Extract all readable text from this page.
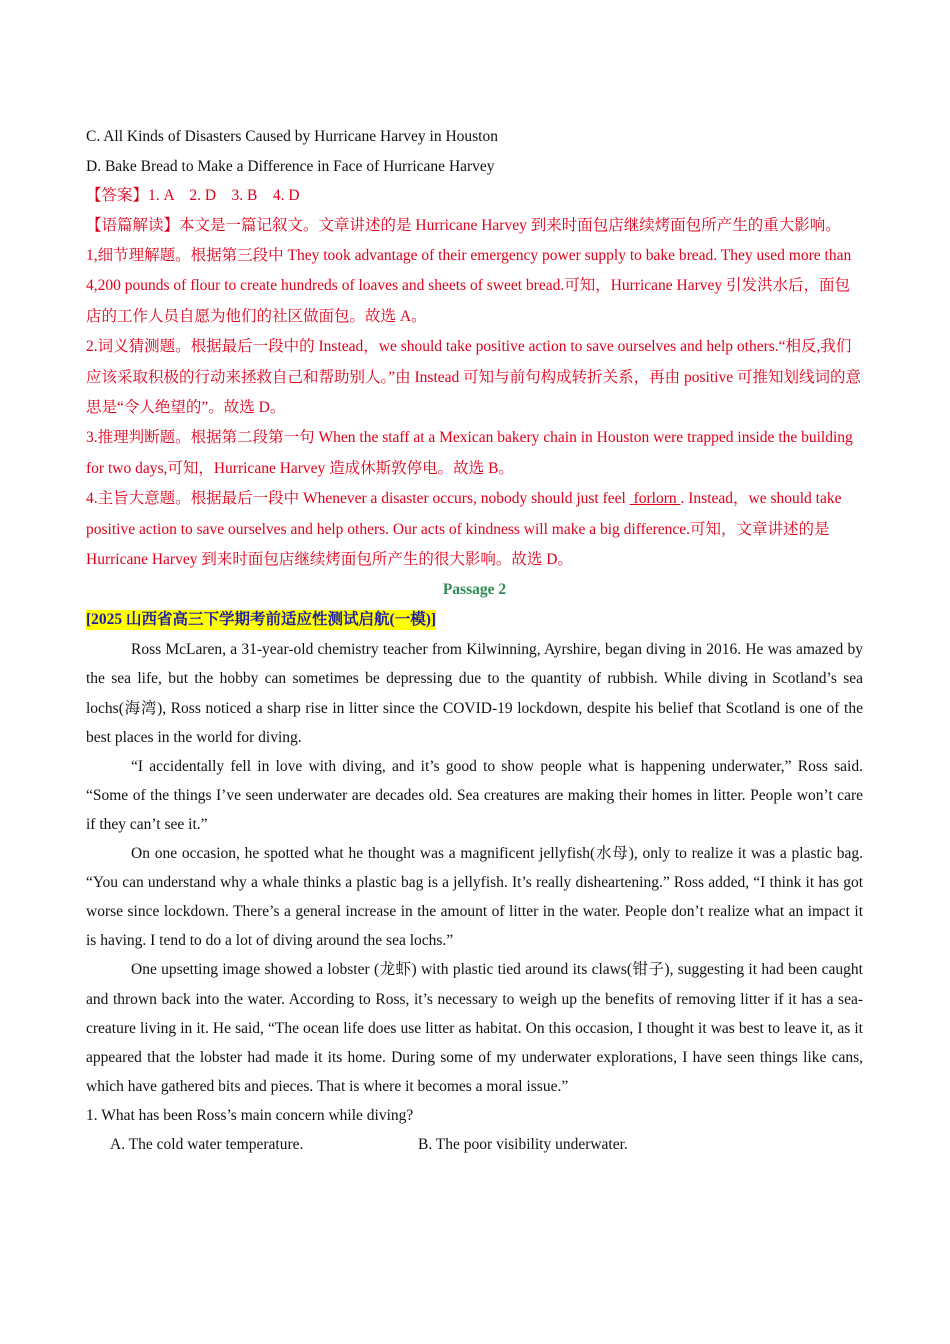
C. All Kinds of Disasters Caused by Hurricane Harvey in Houston
D. Bake Bread to Make a Difference in Face of Hurricane Harvey
【答案】1. A    2. D    3. B    4. D

【语篇解读】本文是一篇记叙文。文章讲述的是 Hurricane Harvey 到来时面包店继续烤面包所产生的重大影响。

1,细节理解题。根据第三段中 They took advantage of their emergency power supply to bake bread. They used more than 4,200 pounds of flour to create hundreds of loaves and sheets of sweet bread.可知，Hurricane Harvey 引发洪水后，面包店的工作人员自愿为他们的社区做面包。故选 A。

2.词义猜测题。根据最后一段中的 Instead，we should take positive action to save ourselves and help others.“相反,我们应该采取积极的行动来拯救自己和帮助别人。”由 Instead 可知与前句构成转折关系，再由 positive 可推知划线词的意思是“令人绝望的”。故选 D。

3.推理判断题。根据第二段第一句 When the staff at a Mexican bakery chain in Houston were trapped inside the building for two days,可知，Hurricane Harvey 造成休斯敦停电。故选 B。

4.主旨大意题。根据最后一段中 Whenever a disaster occurs, nobody should just feel  forlorn . Instead，we should take positive action to save ourselves and help others. Our acts of kindness will make a big difference.可知，文章讲述的是 Hurricane Harvey 到来时面包店继续烤面包所产生的很大影响。故选 D。

Passage 2
[2025 山西省高三下学期考前适应性测试启航(一模)]

Ross McLaren, a 31-year-old chemistry teacher from Kilwinning, Ayrshire, began diving in 2016. He was amazed by the sea life, but the hobby can sometimes be depressing due to the quantity of rubbish. While diving in Scotland’s sea lochs(海湾), Ross noticed a sharp rise in litter since the COVID-19 lockdown, despite his belief that Scotland is one of the best places in the world for diving.

“I accidentally fell in love with diving, and it’s good to show people what is happening underwater,” Ross said. “Some of the things I’ve seen underwater are decades old. Sea creatures are making their homes in litter. People won’t care if they can’t see it.”

On one occasion, he spotted what he thought was a magnificent jellyfish(水母), only to realize it was a plastic bag. “You can understand why a whale thinks a plastic bag is a jellyfish. It’s really disheartening.” Ross added, “I think it has got worse since lockdown. There’s a general increase in the amount of litter in the water. People don’t realize what an impact it is having. I tend to do a lot of diving around the sea lochs.”

One upsetting image showed a lobster (龙虾) with plastic tied around its claws(钳子), suggesting it had been caught and thrown back into the water. According to Ross, it’s necessary to weigh up the benefits of removing litter if it has a sea-creature living in it. He said, “The ocean life does use litter as habitat. On this occasion, I thought it was best to leave it, as it appeared that the lobster had made it its home. During some of my underwater explorations, I have seen things like cans, which have gathered bits and pieces. That is where it becomes a moral issue.”

1. What has been Ross’s main concern while diving?
A. The cold water temperature.	B. The poor visibility underwater.
